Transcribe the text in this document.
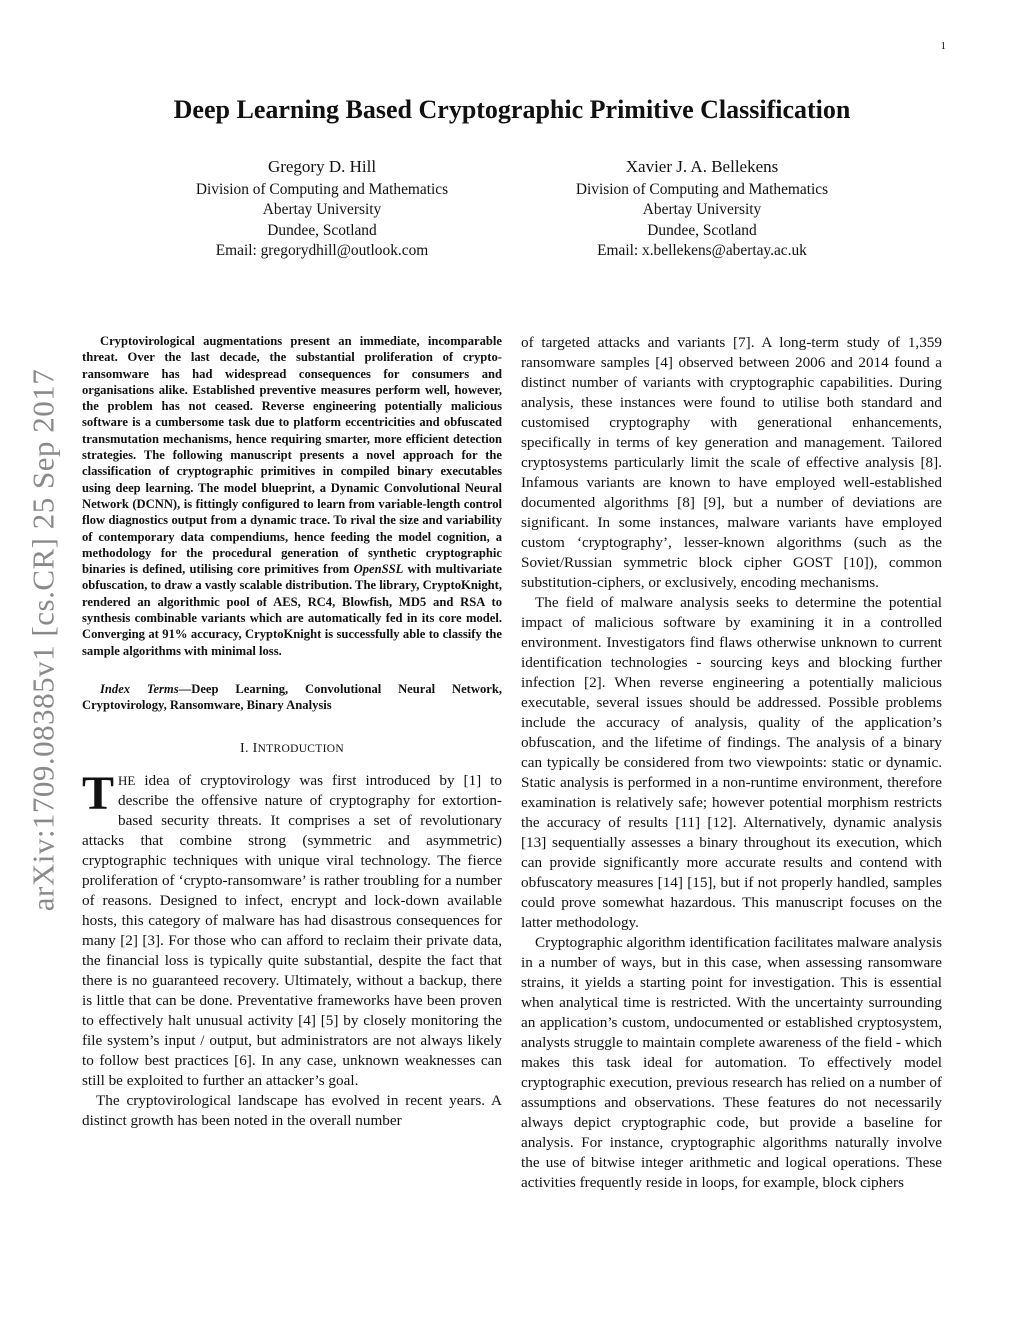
1
arXiv:1709.08385v1 [cs.CR] 25 Sep 2017
Deep Learning Based Cryptographic Primitive Classification
Gregory D. Hill
Division of Computing and Mathematics
Abertay University
Dundee, Scotland
Email: gregorydhill@outlook.com
Xavier J. A. Bellekens
Division of Computing and Mathematics
Abertay University
Dundee, Scotland
Email: x.bellekens@abertay.ac.uk

Cryptovirological augmentations present an immediate, incomparable threat. Over the last decade, the substantial proliferation of crypto-ransomware has had widespread consequences for consumers and organisations alike. Established preventive measures perform well, however, the problem has not ceased. Reverse engineering potentially malicious software is a cumbersome task due to platform eccentricities and obfuscated transmutation mechanisms, hence requiring smarter, more efficient detection strategies. The following manuscript presents a novel approach for the classification of cryptographic primitives in compiled binary executables using deep learning. The model blueprint, a Dynamic Convolutional Neural Network (DCNN), is fittingly configured to learn from variable-length control flow diagnostics output from a dynamic trace. To rival the size and variability of contemporary data compendiums, hence feeding the model cognition, a methodology for the procedural generation of synthetic cryptographic binaries is defined, utilising core primitives from OpenSSL with multivariate obfuscation, to draw a vastly scalable distribution. The library, CryptoKnight, rendered an algorithmic pool of AES, RC4, Blowfish, MD5 and RSA to synthesis combinable variants which are automatically fed in its core model. Converging at 91% accuracy, CryptoKnight is successfully able to classify the sample algorithms with minimal loss.

Index Terms—Deep Learning, Convolutional Neural Network, Cryptovirology, Ransomware, Binary Analysis

I. INTRODUCTION

THE idea of cryptovirology was first introduced by [1] to describe the offensive nature of cryptography for extortion-based security threats. It comprises a set of revolutionary attacks that combine strong (symmetric and asymmetric) cryptographic techniques with unique viral technology. The fierce proliferation of ‘crypto-ransomware’ is rather troubling for a number of reasons. Designed to infect, encrypt and lock-down available hosts, this category of malware has had disastrous consequences for many [2] [3]. For those who can afford to reclaim their private data, the financial loss is typically quite substantial, despite the fact that there is no guaranteed recovery. Ultimately, without a backup, there is little that can be done. Preventative frameworks have been proven to effectively halt unusual activity [4] [5] by closely monitoring the file system’s input / output, but administrators are not always likely to follow best practices [6]. In any case, unknown weaknesses can still be exploited to further an attacker’s goal.

The cryptovirological landscape has evolved in recent years. A distinct growth has been noted in the overall number

of targeted attacks and variants [7]. A long-term study of 1,359 ransomware samples [4] observed between 2006 and 2014 found a distinct number of variants with cryptographic capabilities. During analysis, these instances were found to utilise both standard and customised cryptography with generational enhancements, specifically in terms of key generation and management. Tailored cryptosystems particularly limit the scale of effective analysis [8]. Infamous variants are known to have employed well-established documented algorithms [8] [9], but a number of deviations are significant. In some instances, malware variants have employed custom ‘cryptography’, lesser-known algorithms (such as the Soviet/Russian symmetric block cipher GOST [10]), common substitution-ciphers, or exclusively, encoding mechanisms.

The field of malware analysis seeks to determine the potential impact of malicious software by examining it in a controlled environment. Investigators find flaws otherwise unknown to current identification technologies - sourcing keys and blocking further infection [2]. When reverse engineering a potentially malicious executable, several issues should be addressed. Possible problems include the accuracy of analysis, quality of the application’s obfuscation, and the lifetime of findings. The analysis of a binary can typically be considered from two viewpoints: static or dynamic. Static analysis is performed in a non-runtime environment, therefore examination is relatively safe; however potential morphism restricts the accuracy of results [11] [12]. Alternatively, dynamic analysis [13] sequentially assesses a binary throughout its execution, which can provide significantly more accurate results and contend with obfuscatory measures [14] [15], but if not properly handled, samples could prove somewhat hazardous. This manuscript focuses on the latter methodology.

Cryptographic algorithm identification facilitates malware analysis in a number of ways, but in this case, when assessing ransomware strains, it yields a starting point for investigation. This is essential when analytical time is restricted. With the uncertainty surrounding an application’s custom, undocumented or established cryptosystem, analysts struggle to maintain complete awareness of the field - which makes this task ideal for automation. To effectively model cryptographic execution, previous research has relied on a number of assumptions and observations. These features do not necessarily always depict cryptographic code, but provide a baseline for analysis. For instance, cryptographic algorithms naturally involve the use of bitwise integer arithmetic and logical operations. These activities frequently reside in loops, for example, block ciphers
